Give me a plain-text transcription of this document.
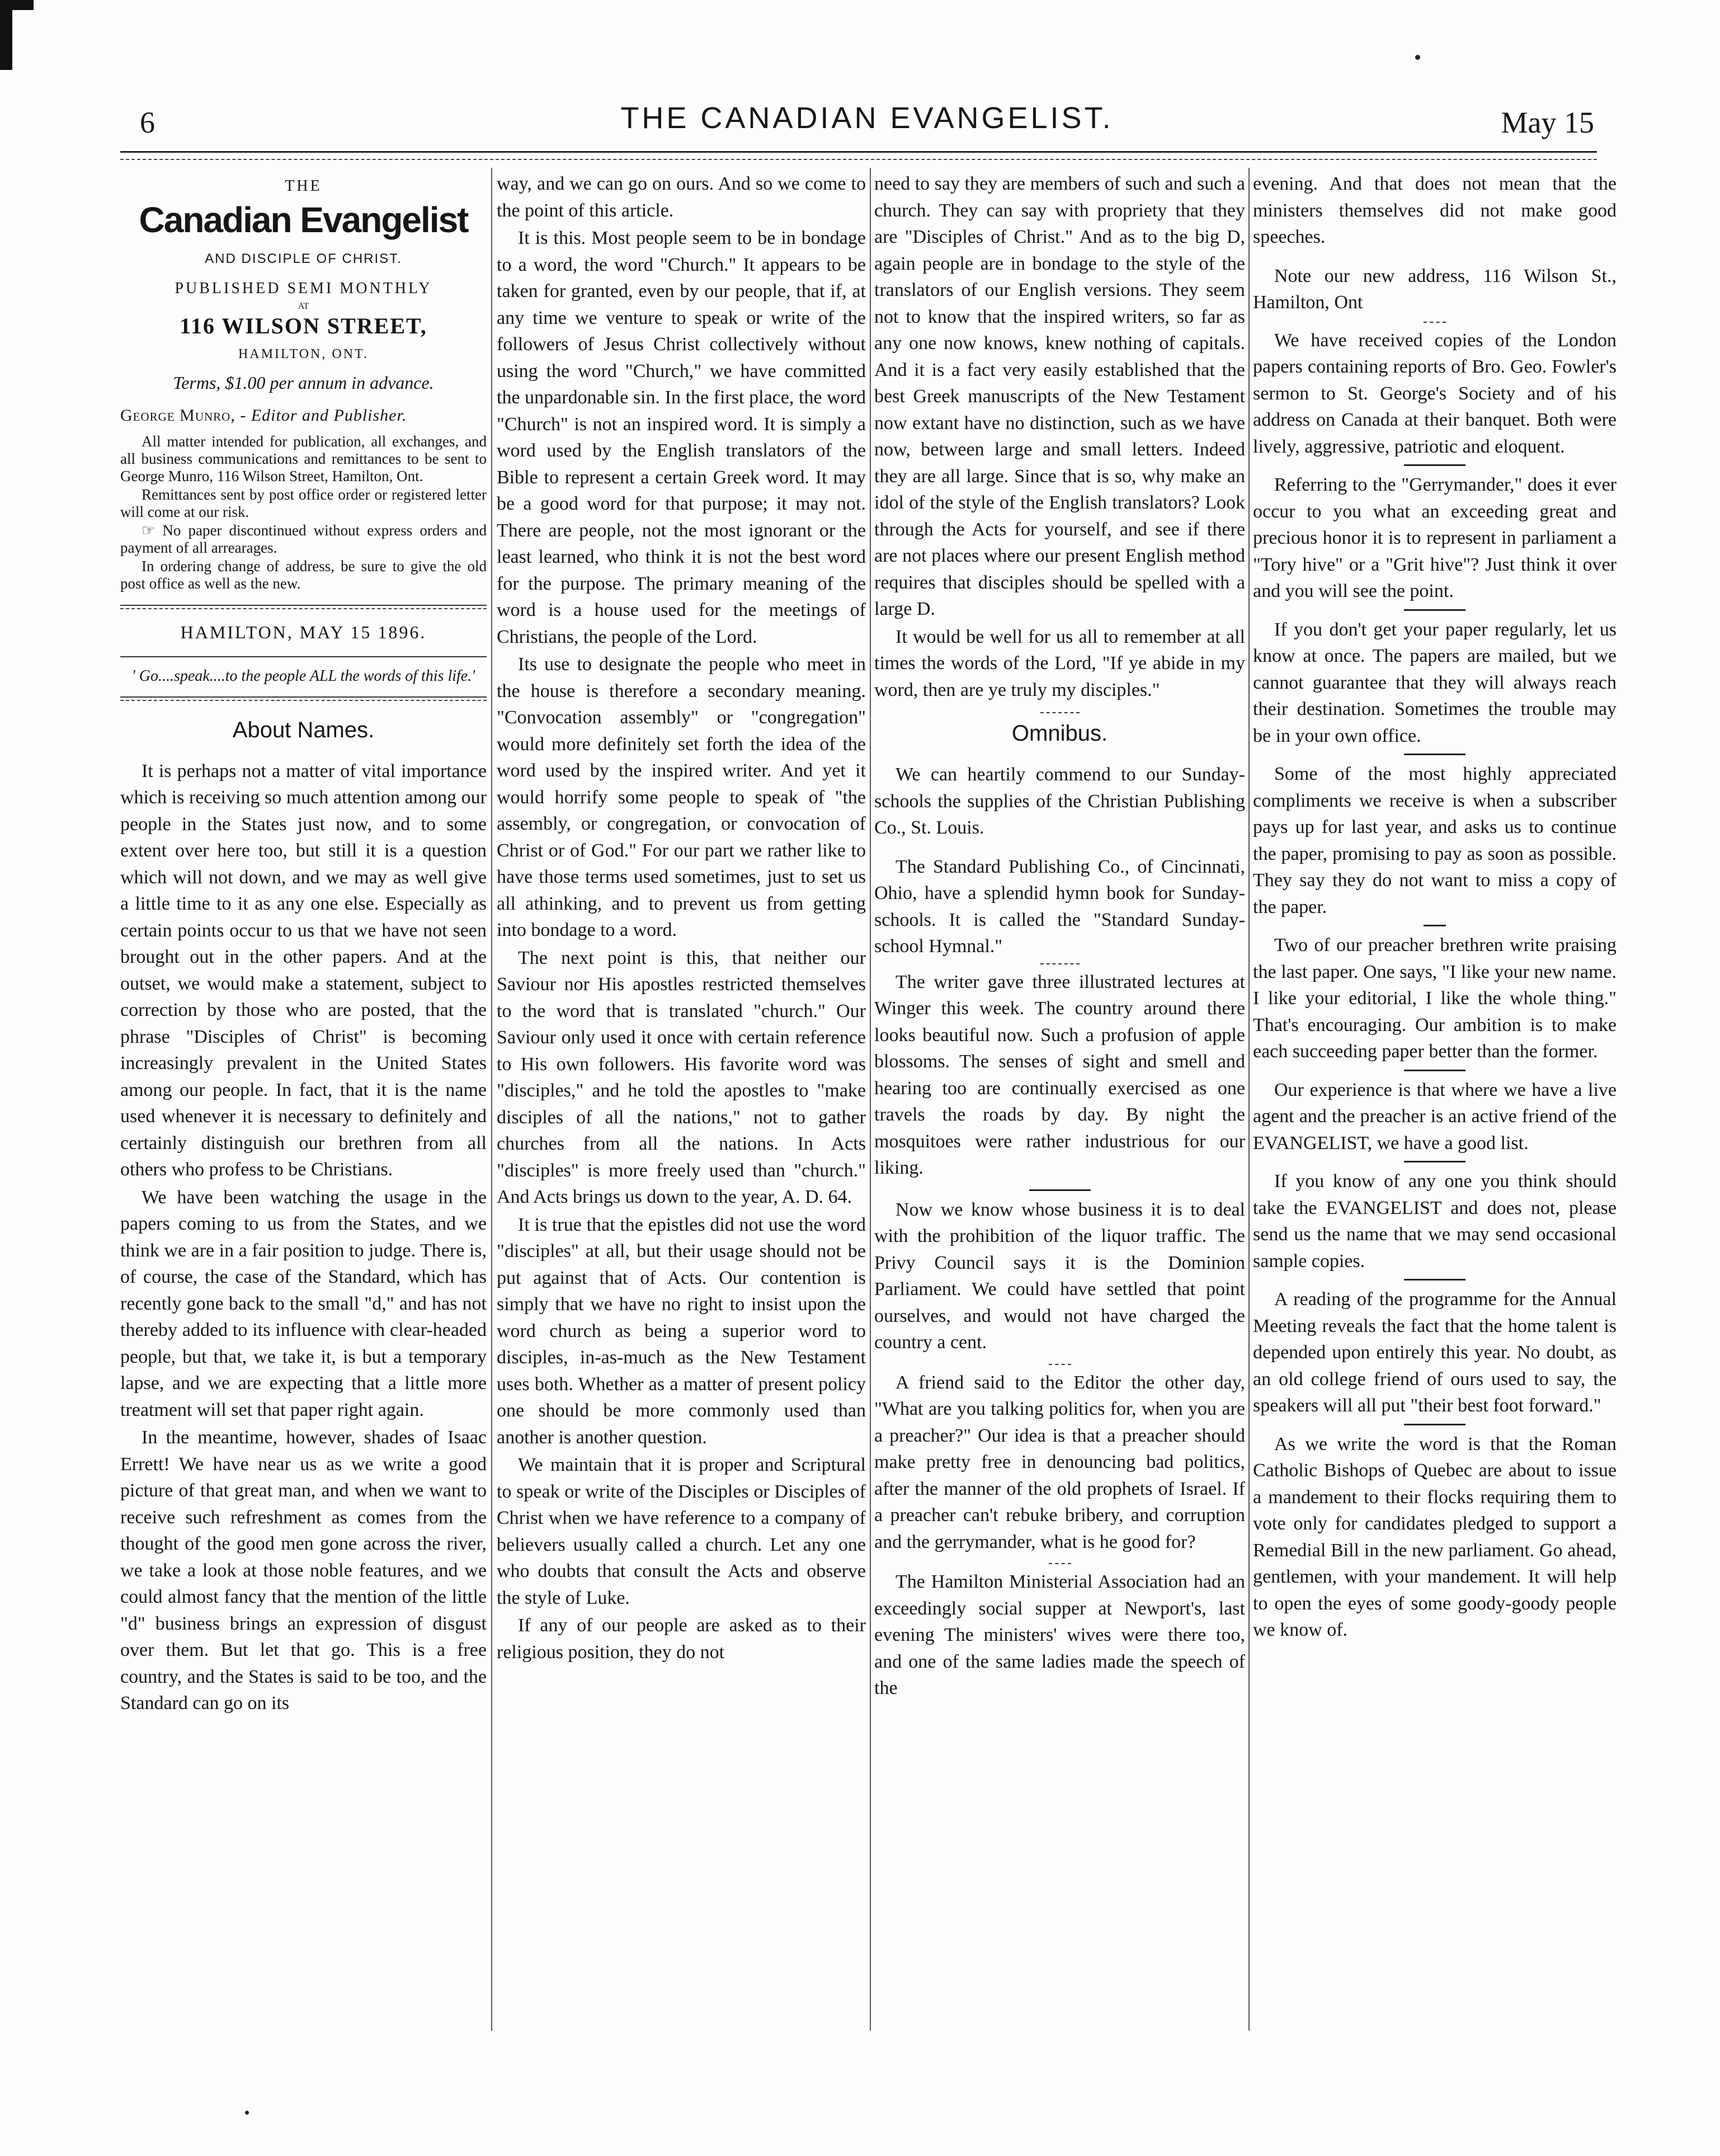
6	THE CANADIAN EVANGELIST.	May 15
THE
Canadian Evangelist
AND DISCIPLE OF CHRIST.
PUBLISHED SEMI MONTHLY
AT
116 WILSON STREET,
HAMILTON, ONT.
Terms, $1.00 per annum in advance.
George Munro, - Editor and Publisher.
All matter intended for publication, all exchanges, and all business communications and remittances to be sent to George Munro, 116 Wilson Street, Hamilton, Ont.
Remittances sent by post office order or registered letter will come at our risk.
☞ No paper discontinued without express orders and payment of all arrearages.
In ordering change of address, be sure to give the old post office as well as the new.
HAMILTON, MAY 15 1896.
' Go....speak....to the people ALL the words of this life.'
About Names.

It is perhaps not a matter of vital importance which is receiving so much attention among our people in the States just now, and to some extent over here too, but still it is a question which will not down, and we may as well give a little time to it as any one else. Especially as certain points occur to us that we have not seen brought out in the other papers. And at the outset, we would make a statement, subject to correction by those who are posted, that the phrase "Disciples of Christ" is becoming increasingly prevalent in the United States among our people. In fact, that it is the name used whenever it is necessary to definitely and certainly distinguish our brethren from all others who profess to be Christians.

We have been watching the usage in the papers coming to us from the States, and we think we are in a fair position to judge. There is, of course, the case of the Standard, which has recently gone back to the small "d," and has not thereby added to its influence with clear-headed people, but that, we take it, is but a temporary lapse, and we are expecting that a little more treatment will set that paper right again.

In the meantime, however, shades of Isaac Errett! We have near us as we write a good picture of that great man, and when we want to receive such refreshment as comes from the thought of the good men gone across the river, we take a look at those noble features, and we could almost fancy that the mention of the little "d" business brings an expression of disgust over them. But let that go. This is a free country, and the States is said to be too, and the Standard can go on its

way, and we can go on ours. And so we come to the point of this article.

It is this. Most people seem to be in bondage to a word, the word "Church." It appears to be taken for granted, even by our people, that if, at any time we venture to speak or write of the followers of Jesus Christ collectively without using the word "Church," we have committed the unpardonable sin. In the first place, the word "Church" is not an inspired word. It is simply a word used by the English translators of the Bible to represent a certain Greek word. It may be a good word for that purpose; it may not. There are people, not the most ignorant or the least learned, who think it is not the best word for the purpose. The primary meaning of the word is a house used for the meetings of Christians, the people of the Lord.

Its use to designate the people who meet in the house is therefore a secondary meaning. "Convocation assembly" or "congregation" would more definitely set forth the idea of the word used by the inspired writer. And yet it would horrify some people to speak of "the assembly, or congregation, or convocation of Christ or of God." For our part we rather like to have those terms used sometimes, just to set us all athinking, and to prevent us from getting into bondage to a word.

The next point is this, that neither our Saviour nor His apostles restricted themselves to the word that is translated "church." Our Saviour only used it once with certain reference to His own followers. His favorite word was "disciples," and he told the apostles to "make disciples of all the nations," not to gather churches from all the nations. In Acts "disciples" is more freely used than "church." And Acts brings us down to the year, A. D. 64.

It is true that the epistles did not use the word "disciples" at all, but their usage should not be put against that of Acts. Our contention is simply that we have no right to insist upon the word church as being a superior word to disciples, in-as-much as the New Testament uses both. Whether as a matter of present policy one should be more commonly used than another is another question.

We maintain that it is proper and Scriptural to speak or write of the Disciples or Disciples of Christ when we have reference to a company of believers usually called a church. Let any one who doubts that consult the Acts and observe the style of Luke.

If any of our people are asked as to their religious position, they do not

need to say they are members of such and such a church. They can say with propriety that they are "Disciples of Christ." And as to the big D, again people are in bondage to the style of the translators of our English versions. They seem not to know that the inspired writers, so far as any one now knows, knew nothing of capitals. And it is a fact very easily established that the best Greek manuscripts of the New Testament now extant have no distinction, such as we have now, between large and small letters. Indeed they are all large. Since that is so, why make an idol of the style of the English translators? Look through the Acts for yourself, and see if there are not places where our present English method requires that disciples should be spelled with a large D.

It would be well for us all to remember at all times the words of the Lord, "If ye abide in my word, then are ye truly my disciples."

Omnibus.

We can heartily commend to our Sunday-schools the supplies of the Christian Publishing Co., St. Louis.

The Standard Publishing Co., of Cincinnati, Ohio, have a splendid hymn book for Sunday-schools. It is called the "Standard Sunday-school Hymnal."

The writer gave three illustrated lectures at Winger this week. The country around there looks beautiful now. Such a profusion of apple blossoms. The senses of sight and smell and hearing too are continually exercised as one travels the roads by day. By night the mosquitoes were rather industrious for our liking.

Now we know whose business it is to deal with the prohibition of the liquor traffic. The Privy Council says it is the Dominion Parliament. We could have settled that point ourselves, and would not have charged the country a cent.

A friend said to the Editor the other day, "What are you talking politics for, when you are a preacher?" Our idea is that a preacher should make pretty free in denouncing bad politics, after the manner of the old prophets of Israel. If a preacher can't rebuke bribery, and corruption and the gerrymander, what is he good for?

The Hamilton Ministerial Association had an exceedingly social supper at Newport's, last evening The ministers' wives were there too, and one of the same ladies made the speech of the

evening. And that does not mean that the ministers themselves did not make good speeches.

Note our new address, 116 Wilson St., Hamilton, Ont

We have received copies of the London papers containing reports of Bro. Geo. Fowler's sermon to St. George's Society and of his address on Canada at their banquet. Both were lively, aggressive, patriotic and eloquent.

Referring to the "Gerrymander," does it ever occur to you what an exceeding great and precious honor it is to represent in parliament a "Tory hive" or a "Grit hive"? Just think it over and you will see the point.

If you don't get your paper regularly, let us know at once. The papers are mailed, but we cannot guarantee that they will always reach their destination. Sometimes the trouble may be in your own office.

Some of the most highly appreciated compliments we receive is when a subscriber pays up for last year, and asks us to continue the paper, promising to pay as soon as possible. They say they do not want to miss a copy of the paper.

Two of our preacher brethren write praising the last paper. One says, "I like your new name. I like your editorial, I like the whole thing." That's encouraging. Our ambition is to make each succeeding paper better than the former.

Our experience is that where we have a live agent and the preacher is an active friend of the EVANGELIST, we have a good list.

If you know of any one you think should take the EVANGELIST and does not, please send us the name that we may send occasional sample copies.

A reading of the programme for the Annual Meeting reveals the fact that the home talent is depended upon entirely this year. No doubt, as an old college friend of ours used to say, the speakers will all put "their best foot forward."

As we write the word is that the Roman Catholic Bishops of Quebec are about to issue a mandement to their flocks requiring them to vote only for candidates pledged to support a Remedial Bill in the new parliament. Go ahead, gentlemen, with your mandement. It will help to open the eyes of some goody-goody people we know of.
